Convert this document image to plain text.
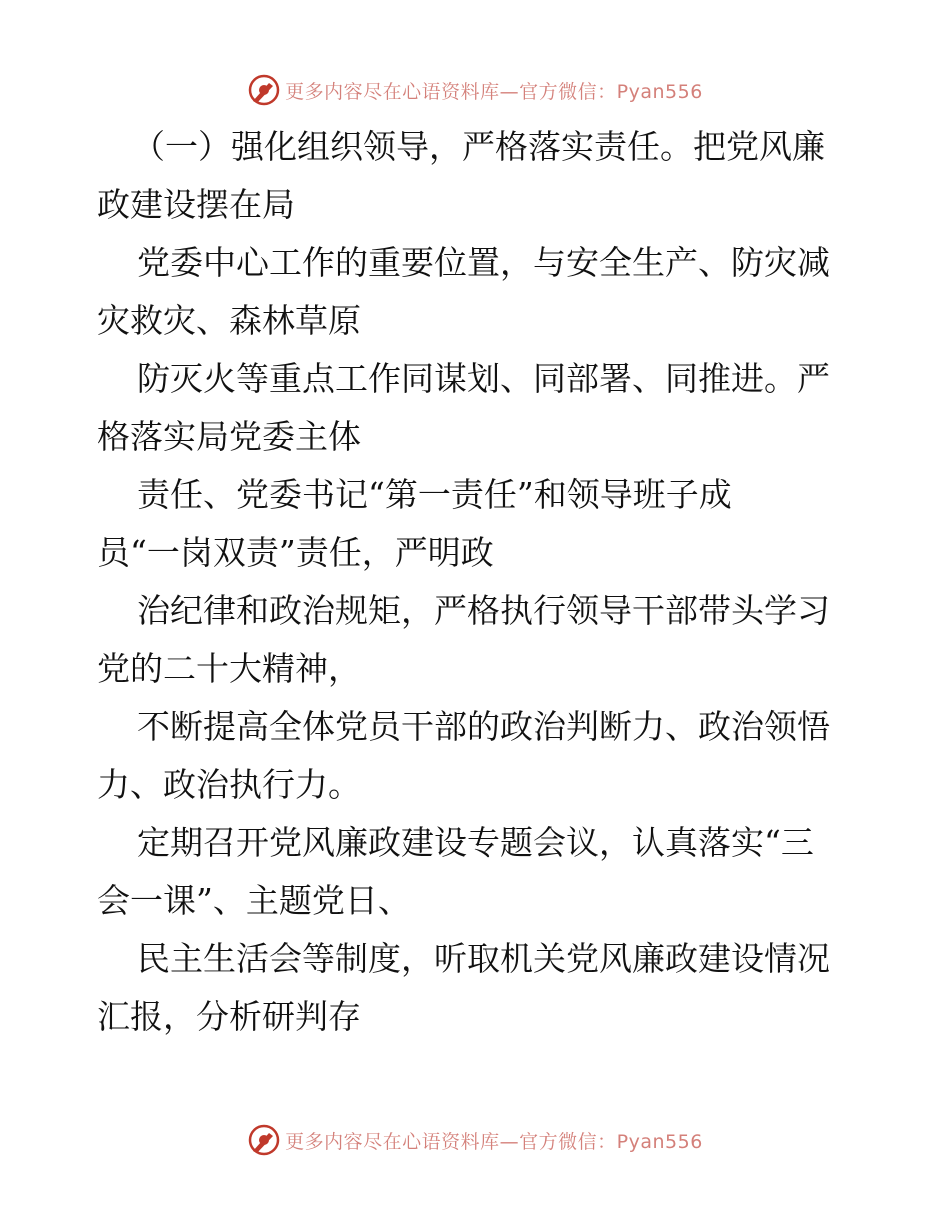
更多内容尽在心语资料库—官方微信：Pyan556

（一）强化组织领导，严格落实责任。把党风廉
政建设摆在局

党委中心工作的重要位置，与安全生产、防灾减
灾救灾、森林草原

防灭火等重点工作同谋划、同部署、同推进。严
格落实局党委主体

责任、党委书记“第一责任”和领导班子成
员“一岗双责”责任，严明政

治纪律和政治规矩，严格执行领导干部带头学习
党的二十大精神，

不断提高全体党员干部的政治判断力、政治领悟
力、政治执行力。

定期召开党风廉政建设专题会议，认真落实“三
会一课”、主题党日、

民主生活会等制度，听取机关党风廉政建设情况
汇报，分析研判存

更多内容尽在心语资料库—官方微信：Pyan556
